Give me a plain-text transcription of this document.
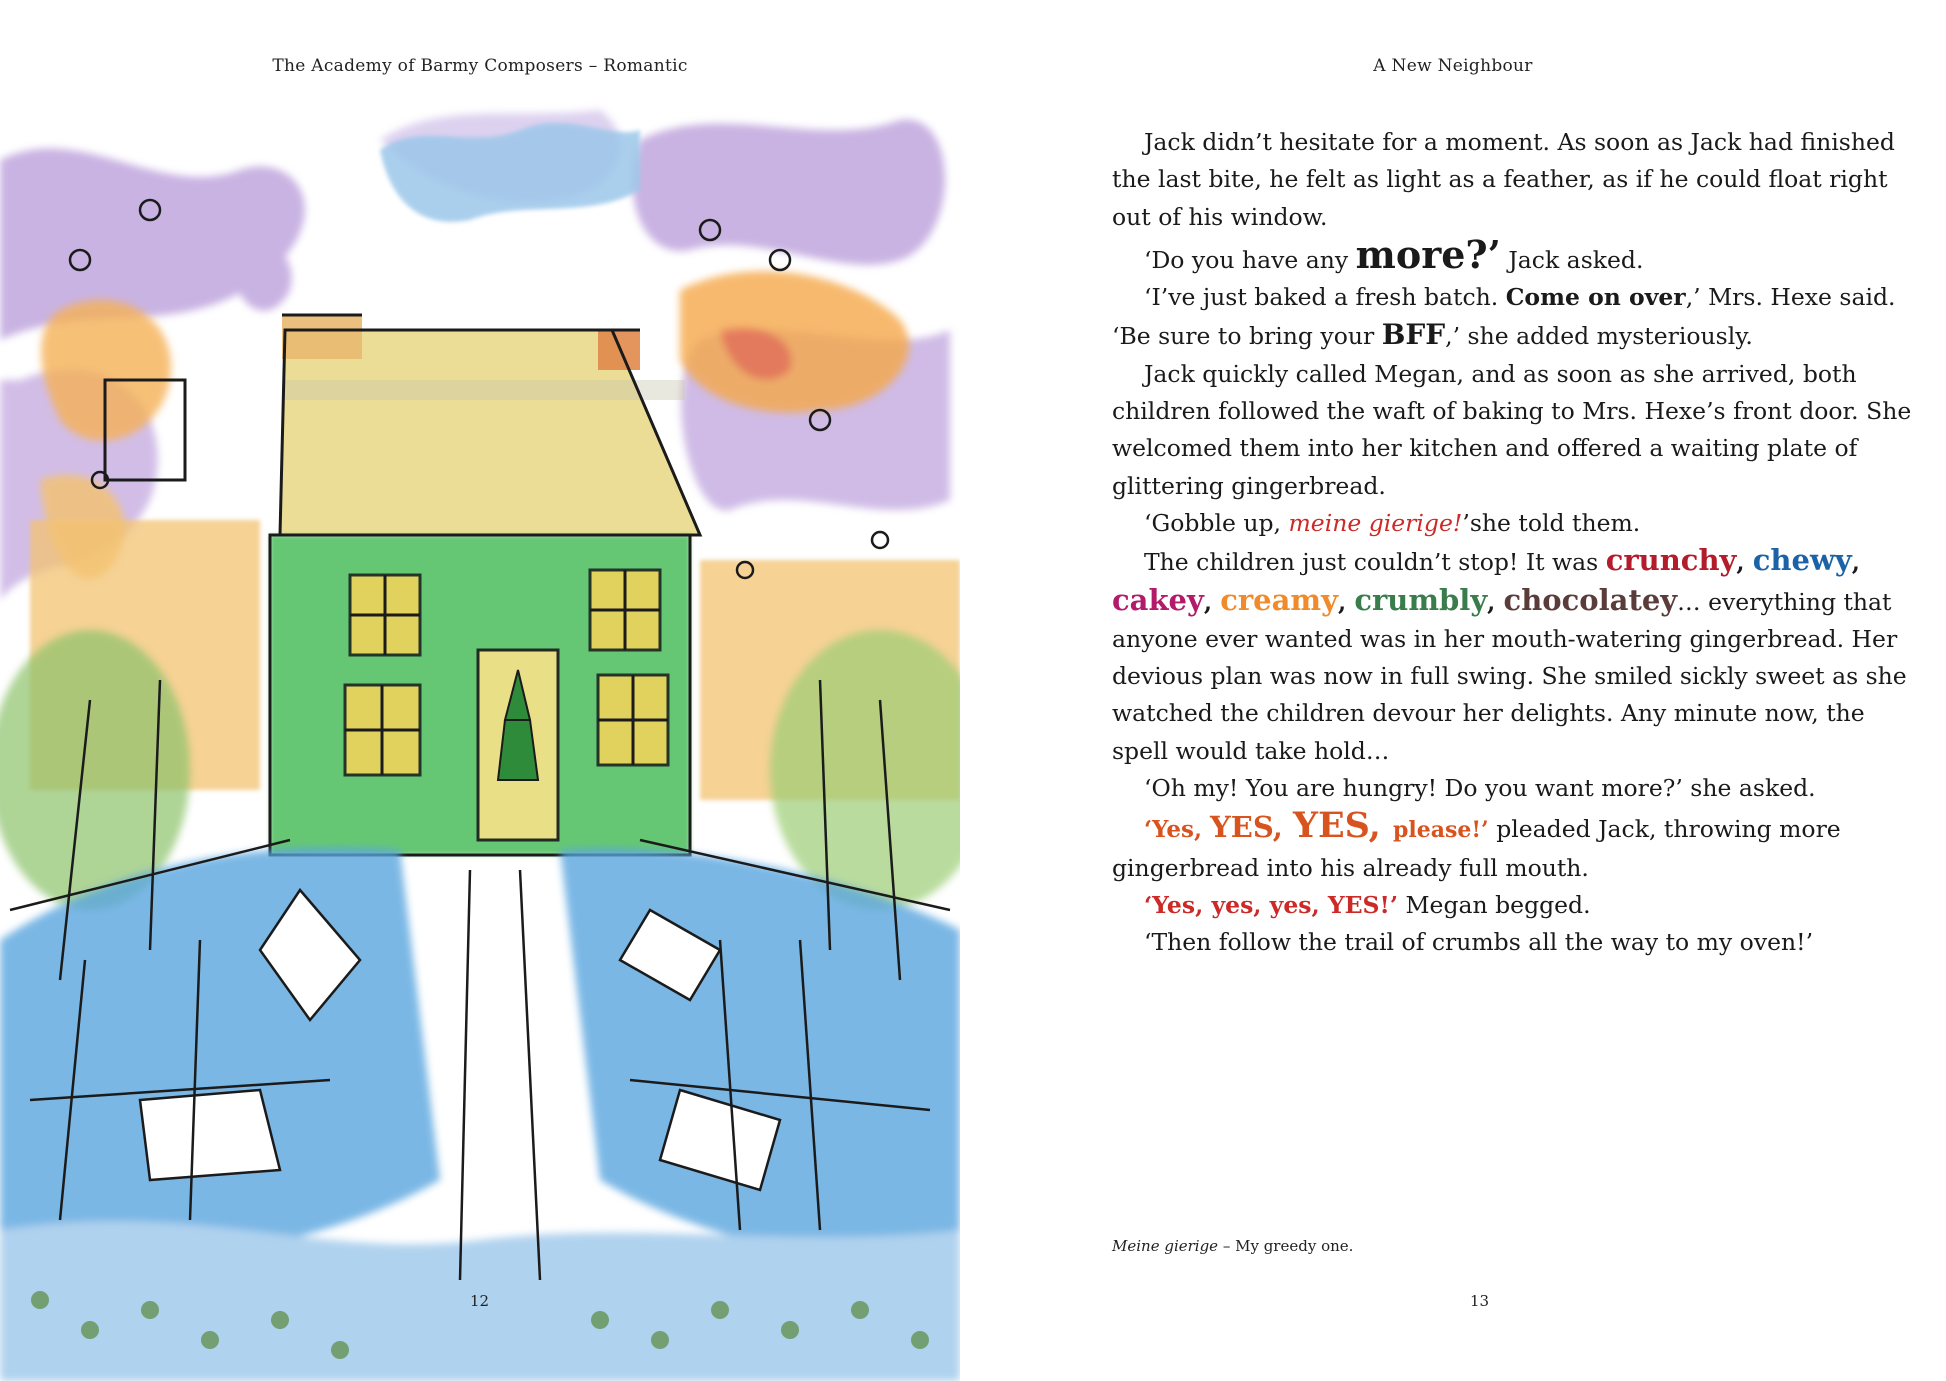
The Academy of Barmy Composers – Romantic
12
A New Neighbour

Jack didn’t hesitate for a moment. As soon as Jack had finished the last bite, he felt as light as a feather, as if he could float right out of his window.

‘Do you have any more?’ Jack asked.

‘I’ve just baked a fresh batch. Come on over,’ Mrs. Hexe said. ‘Be sure to bring your BFF,’ she added mysteriously.

Jack quickly called Megan, and as soon as she arrived, both children followed the waft of baking to Mrs. Hexe’s front door. She welcomed them into her kitchen and offered a waiting plate of glittering gingerbread.

‘Gobble up, meine gierige!’she told them.

The children just couldn’t stop! It was crunchy, chewy, cakey, creamy, crumbly, chocolatey… everything that anyone ever wanted was in her mouth-watering gingerbread. Her devious plan was now in full swing. She smiled sickly sweet as she watched the children devour her delights. Any minute now, the spell would take hold…

‘Oh my! You are hungry! Do you want more?’ she asked.

‘Yes, YES, YES, please!’ pleaded Jack, throwing more gingerbread into his already full mouth.

‘Yes, yes, yes, YES!’ Megan begged.

‘Then follow the trail of crumbs all the way to my oven!’

Meine gierige – My greedy one.
13
